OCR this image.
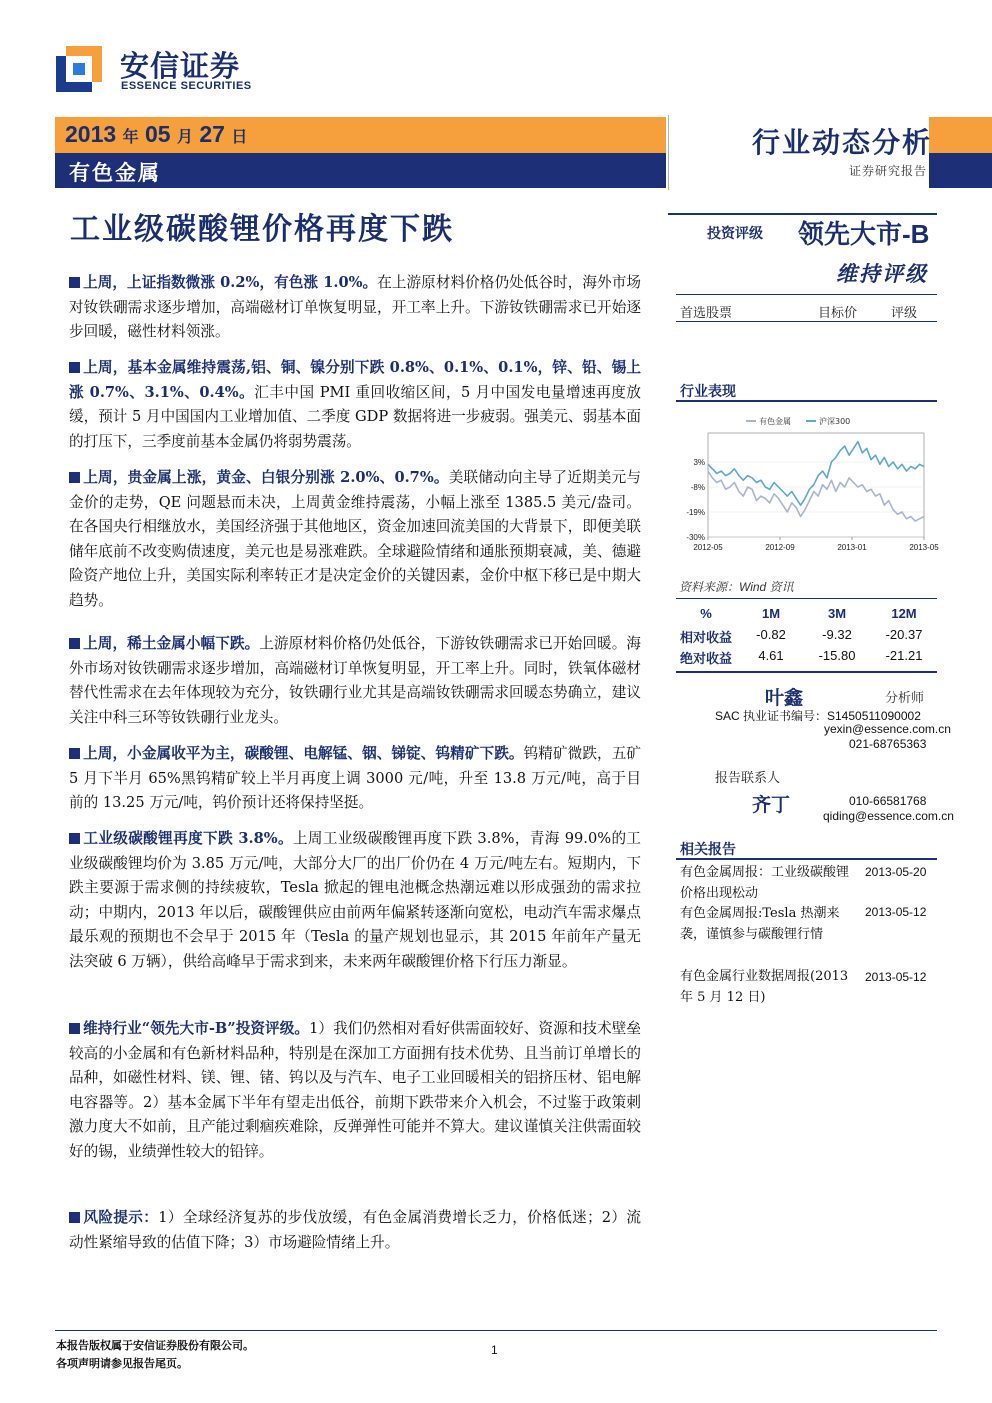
安信证券
ESSENCE SECURITIES
2013 年 05 月 27 日
有色金属
行业动态分析
证券研究报告
工业级碳酸锂价格再度下跌	投资评级 领先大市-B
维持评级
首选股票	目标价	评级
行业表现
3%
-8%
-19%
-30%
2012-05	2012-09	2013-01	2013-05
有色金属	沪深300
资料来源：Wind 资讯
%	1M	3M	12M
相对收益	-0.82	-9.32	-20.37
绝对收益	4.61	-15.80	-21.21
叶鑫	分析师
SAC 执业证书编号：S1450511090002
yexin@essence.com.cn
021-68765363
报告联系人
齐丁	010-66581768
qiding@essence.com.cn
相关报告
有色金属周报：工业级碳酸锂价格出现松动
2013-05-20
有色金属周报:Tesla 热潮来袭，谨慎参与碳酸锂行情
2013-05-12
有色金属行业数据周报(2013 年 5 月 12 日)
2013-05-12
上周，上证指数微涨 0.2%，有色涨 1.0%。在上游原材料价格仍处低谷时，海外市场对钕铁硼需求逐步增加，高端磁材订单恢复明显，开工率上升。下游钕铁硼需求已开始逐步回暖，磁性材料领涨。
上周，基本金属维持震荡,铝、铜、镍分别下跌 0.8%、0.1%、0.1%，锌、铅、锡上涨 0.7%、3.1%、0.4%。汇丰中国 PMI 重回收缩区间，5 月中国发电量增速再度放缓，预计 5 月中国国内工业增加值、二季度 GDP 数据将进一步疲弱。强美元、弱基本面的打压下，三季度前基本金属仍将弱势震荡。
上周，贵金属上涨，黄金、白银分别涨 2.0%、0.7%。美联储动向主导了近期美元与金价的走势，QE 问题悬而未决，上周黄金维持震荡，小幅上涨至 1385.5 美元/盎司。在各国央行相继放水，美国经济强于其他地区，资金加速回流美国的大背景下，即便美联储年底前不改变购债速度，美元也是易涨难跌。全球避险情绪和通胀预期衰减，美、德避险资产地位上升，美国实际利率转正才是决定金价的关键因素，金价中枢下移已是中期大趋势。
上周，稀土金属小幅下跌。上游原材料价格仍处低谷，下游钕铁硼需求已开始回暖。海外市场对钕铁硼需求逐步增加，高端磁材订单恢复明显，开工率上升。同时，铁氧体磁材替代性需求在去年体现较为充分，钕铁硼行业尤其是高端钕铁硼需求回暖态势确立，建议关注中科三环等钕铁硼行业龙头。
上周，小金属收平为主，碳酸锂、电解锰、铟、锑锭、钨精矿下跌。钨精矿微跌，五矿 5 月下半月 65%黑钨精矿较上半月再度上调 3000 元/吨，升至 13.8 万元/吨，高于目前的 13.25 万元/吨，钨价预计还将保持坚挺。
工业级碳酸锂再度下跌 3.8%。上周工业级碳酸锂再度下跌 3.8%，青海 99.0%的工业级碳酸锂均价为 3.85 万元/吨，大部分大厂的出厂价仍在 4 万元/吨左右。短期内，下跌主要源于需求侧的持续疲软，Tesla 掀起的锂电池概念热潮远难以形成强劲的需求拉动；中期内，2013 年以后，碳酸锂供应由前两年偏紧转逐渐向宽松，电动汽车需求爆点最乐观的预期也不会早于 2015 年（Tesla 的量产规划也显示，其 2015 年前年产量无法突破 6 万辆），供给高峰早于需求到来，未来两年碳酸锂价格下行压力渐显。
维持行业“领先大市-B”投资评级。1）我们仍然相对看好供需面较好、资源和技术壁垒较高的小金属和有色新材料品种，特别是在深加工方面拥有技术优势、且当前订单增长的品种，如磁性材料、镁、锂、锗、钨以及与汽车、电子工业回暖相关的铝挤压材、铝电解电容器等。2）基本金属下半年有望走出低谷，前期下跌带来介入机会，不过鉴于政策刺激力度大不如前，且产能过剩痼疾难除，反弹弹性可能并不算大。建议谨慎关注供需面较好的锡，业绩弹性较大的铅锌。
风险提示：1）全球经济复苏的步伐放缓，有色金属消费增长乏力，价格低迷；2）流动性紧缩导致的估值下降；3）市场避险情绪上升。
本报告版权属于安信证券股份有限公司。
各项声明请参见报告尾页。
1
